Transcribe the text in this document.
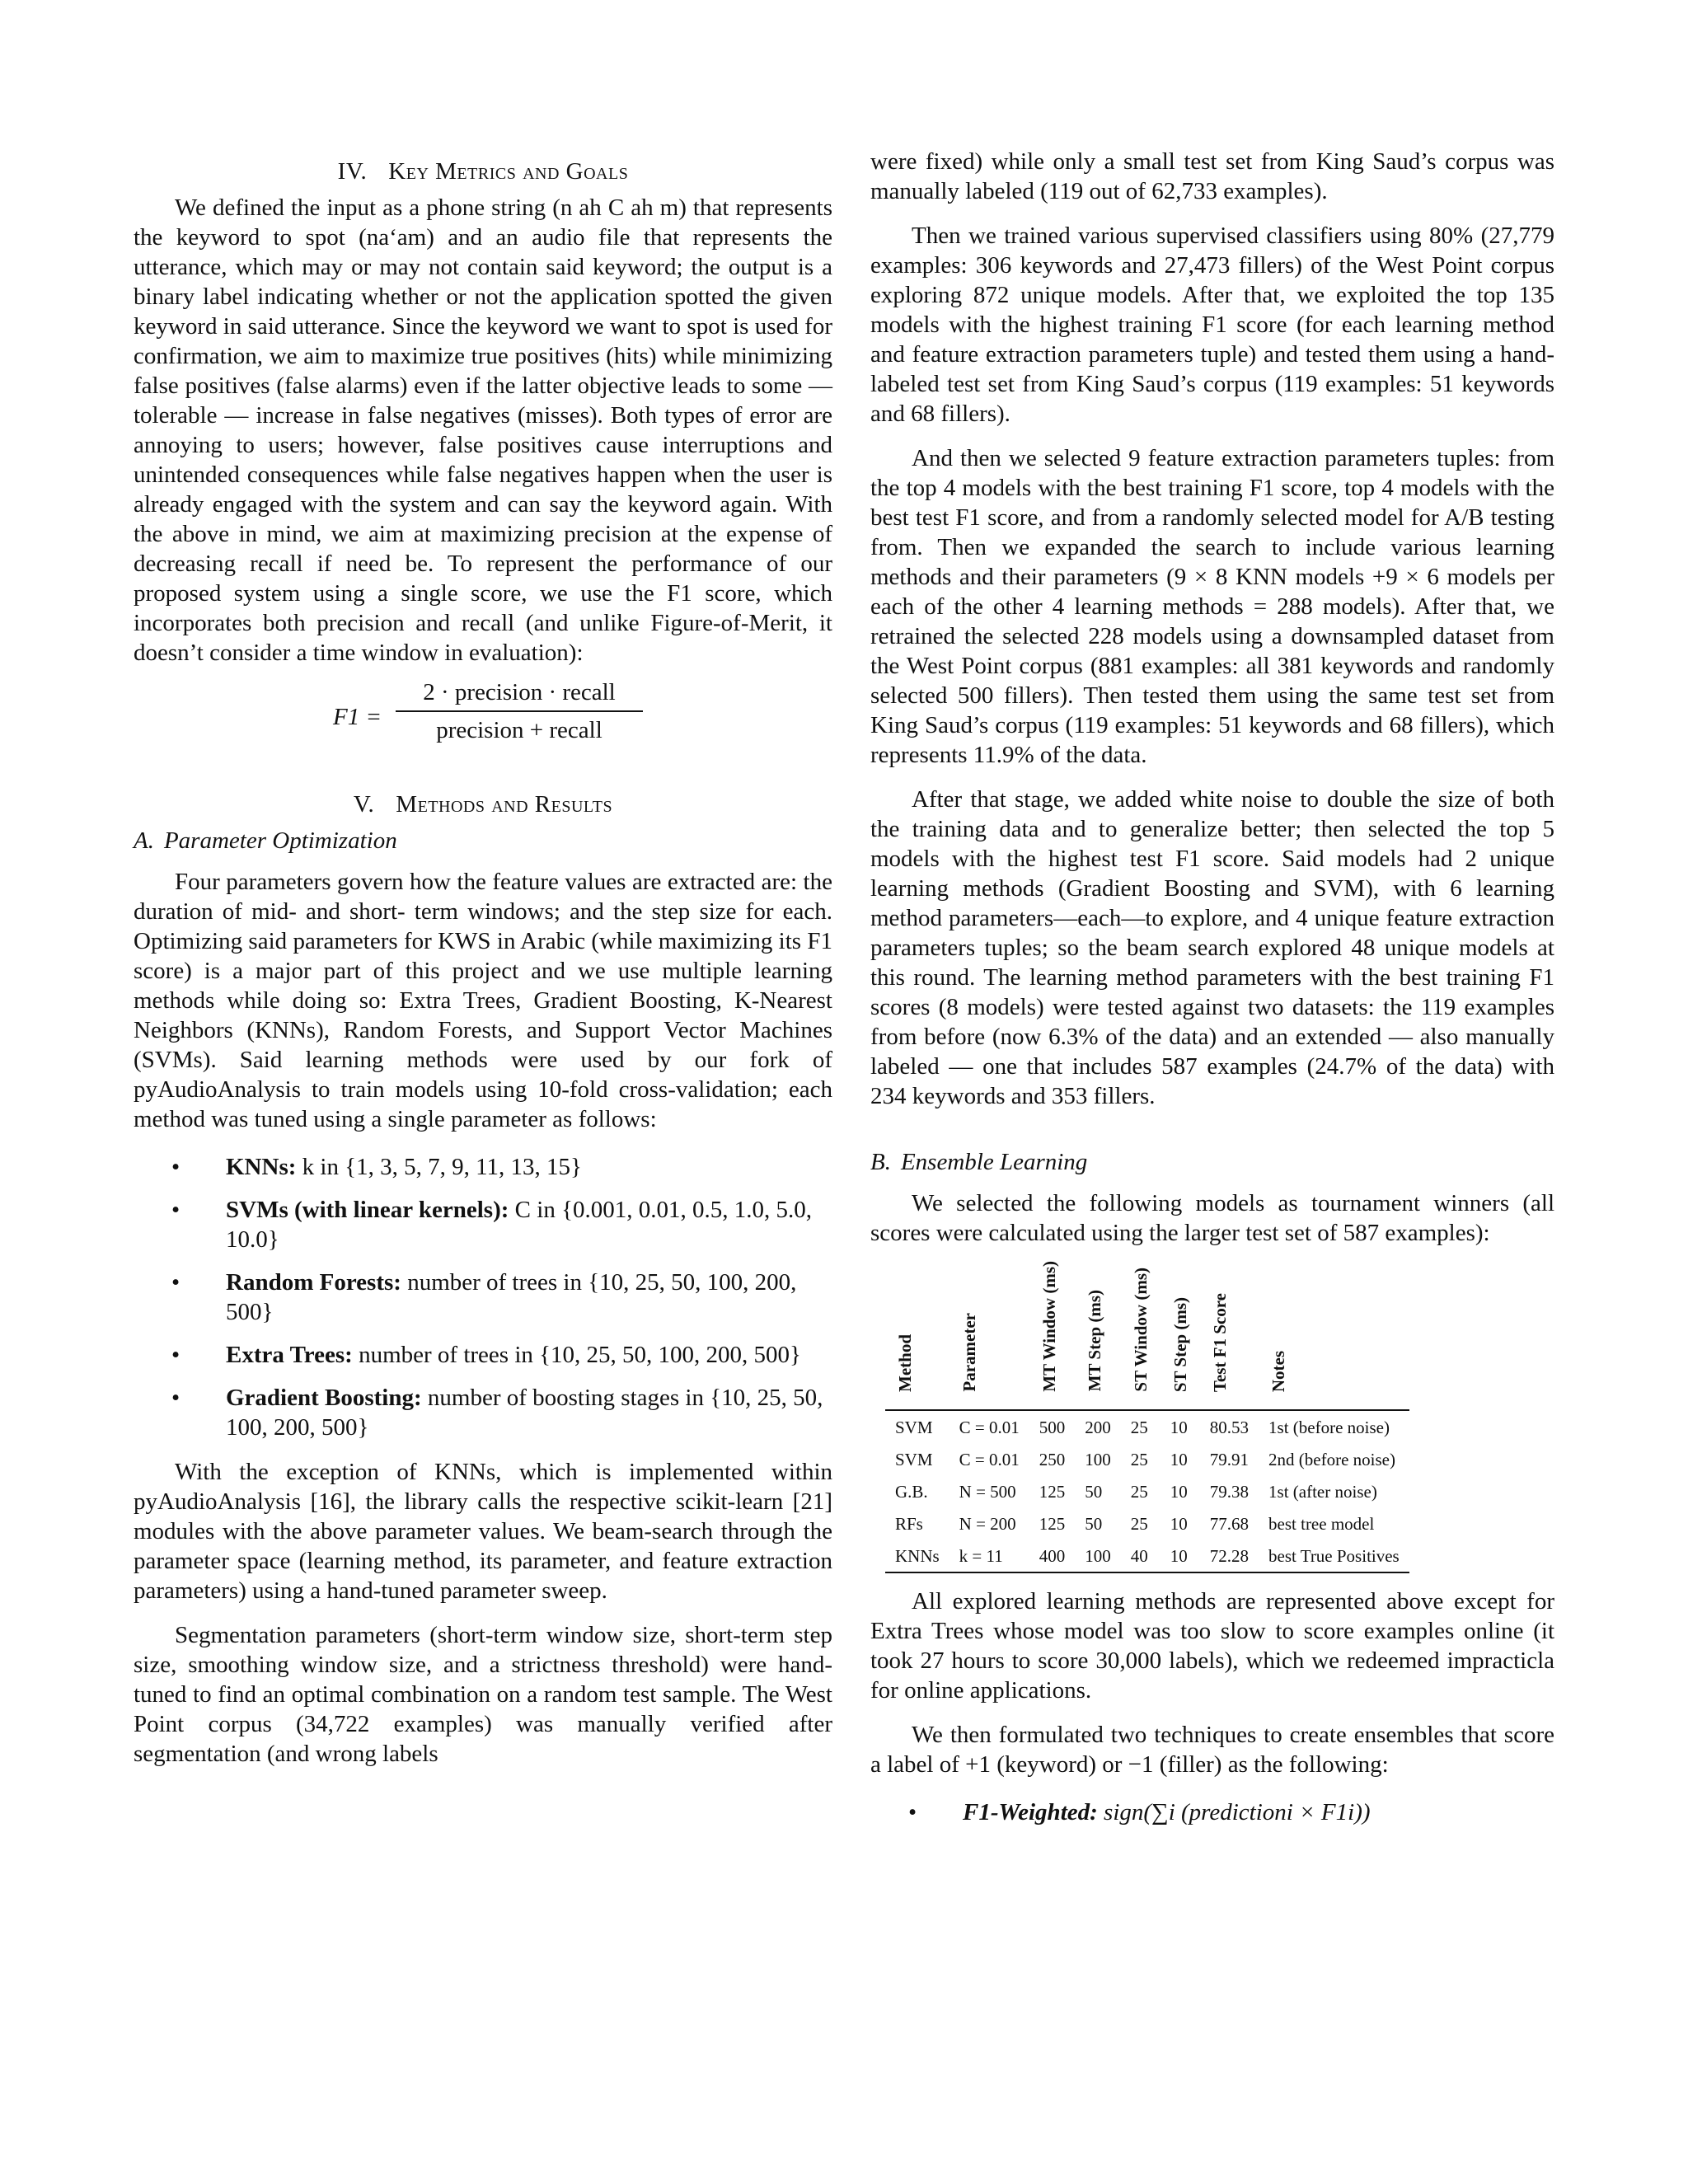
IV. Key Metrics and Goals

We defined the input as a phone string (n ah C ah m) that represents the keyword to spot (na‘am) and an audio file that represents the utterance, which may or may not contain said keyword; the output is a binary label indicating whether or not the application spotted the given keyword in said utterance. Since the keyword we want to spot is used for confirmation, we aim to maximize true positives (hits) while minimizing false positives (false alarms) even if the latter objective leads to some — tolerable — increase in false negatives (misses). Both types of error are annoying to users; however, false positives cause interruptions and unintended consequences while false negatives happen when the user is already engaged with the system and can say the keyword again. With the above in mind, we aim at maximizing precision at the expense of decreasing recall if need be. To represent the performance of our proposed system using a single score, we use the F1 score, which incorporates both precision and recall (and unlike Figure-of-Merit, it doesn’t consider a time window in evaluation):

F1 =
2 · precision · recall
precision + recall
V. Methods and Results
A. Parameter Optimization

Four parameters govern how the feature values are extracted are: the duration of mid- and short- term windows; and the step size for each. Optimizing said parameters for KWS in Arabic (while maximizing its F1 score) is a major part of this project and we use multiple learning methods while doing so: Extra Trees, Gradient Boosting, K-Nearest Neighbors (KNNs), Random Forests, and Support Vector Machines (SVMs). Said learning methods were used by our fork of pyAudioAnalysis to train models using 10-fold cross-validation; each method was tuned using a single parameter as follows:

• KNNs: k in {1, 3, 5, 7, 9, 11, 13, 15}
• SVMs (with linear kernels): C in {0.001, 0.01, 0.5, 1.0, 5.0, 10.0}
• Random Forests: number of trees in {10, 25, 50, 100, 200, 500}
• Extra Trees: number of trees in {10, 25, 50, 100, 200, 500}
• Gradient Boosting: number of boosting stages in {10, 25, 50, 100, 200, 500}

With the exception of KNNs, which is implemented within pyAudioAnalysis [16], the library calls the respective scikit-learn [21] modules with the above parameter values. We beam-search through the parameter space (learning method, its parameter, and feature extraction parameters) using a hand-tuned parameter sweep.

Segmentation parameters (short-term window size, short-term step size, smoothing window size, and a strictness threshold) were hand-tuned to find an optimal combination on a random test sample. The West Point corpus (34,722 examples) was manually verified after segmentation (and wrong labels

were fixed) while only a small test set from King Saud’s corpus was manually labeled (119 out of 62,733 examples).

Then we trained various supervised classifiers using 80% (27,779 examples: 306 keywords and 27,473 fillers) of the West Point corpus exploring 872 unique models. After that, we exploited the top 135 models with the highest training F1 score (for each learning method and feature extraction parameters tuple) and tested them using a hand-labeled test set from King Saud’s corpus (119 examples: 51 keywords and 68 fillers).

And then we selected 9 feature extraction parameters tuples: from the top 4 models with the best training F1 score, top 4 models with the best test F1 score, and from a randomly selected model for A/B testing from. Then we expanded the search to include various learning methods and their parameters (9 × 8 KNN models +9 × 6 models per each of the other 4 learning methods = 288 models). After that, we retrained the selected 228 models using a downsampled dataset from the West Point corpus (881 examples: all 381 keywords and randomly selected 500 fillers). Then tested them using the same test set from King Saud’s corpus (119 examples: 51 keywords and 68 fillers), which represents 11.9% of the data.

After that stage, we added white noise to double the size of both the training data and to generalize better; then selected the top 5 models with the highest test F1 score. Said models had 2 unique learning methods (Gradient Boosting and SVM), with 6 learning method parameters—each—to explore, and 4 unique feature extraction parameters tuples; so the beam search explored 48 unique models at this round. The learning method parameters with the best training F1 scores (8 models) were tested against two datasets: the 119 examples from before (now 6.3% of the data) and an extended — also manually labeled — one that includes 587 examples (24.7% of the data) with 234 keywords and 353 fillers.

B. Ensemble Learning

We selected the following models as tournament winners (all scores were calculated using the larger test set of 587 examples):

Method	Parameter	MT Window (ms)	MT Step (ms)	ST Window (ms)	ST Step (ms)	Test F1 Score	Notes
SVM	C = 0.01	500	200	25	10	80.53	1st (before noise)
SVM	C = 0.01	250	100	25	10	79.91	2nd (before noise)
G.B.	N = 500	125	50	25	10	79.38	1st (after noise)
RFs	N = 200	125	50	25	10	77.68	best tree model
KNNs	k = 11	400	100	40	10	72.28	best True Positives

All explored learning methods are represented above except for Extra Trees whose model was too slow to score examples online (it took 27 hours to score 30,000 labels), which we redeemed impracticla for online applications.

We then formulated two techniques to create ensembles that score a label of +1 (keyword) or −1 (filler) as the following:

• F1-Weighted: sign(∑i (predictioni × F1i))
